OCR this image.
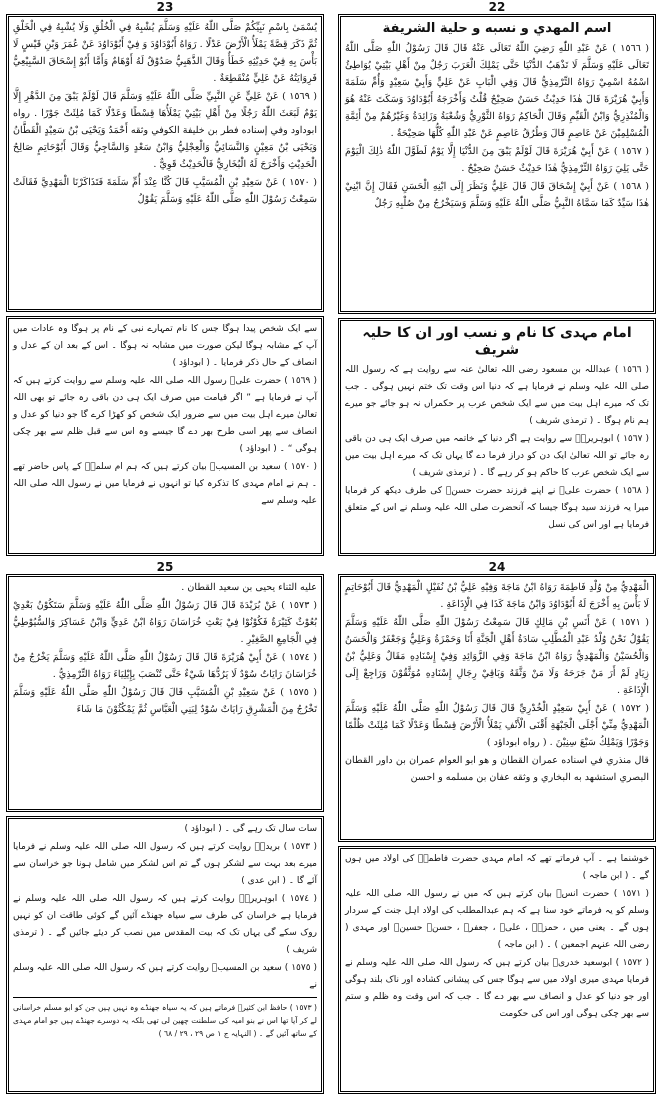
23

يُسْمَىٰ بِاسْمِ نَبِيِّكُمْ صَلَّى اللّٰهُ عَلَيْهِ وَسَلَّمَ يُشْبِهُ فِي الْخُلُقِ وَلَا يُشْبِهُ فِي الْخَلْقِ ثُمَّ ذَكَرَ قِصَّةً يَمْلَأُ الْأَرْضَ عَدْلًا . رَوَاهُ أَبُوْدَاوُدَ وَ فِيْ أَبُوْدَاوُدَ عَنْ عُمَرَ وَبْنِ قَيْسٍ لَا بَأْسَ بِهِ فِيْ حَدِيْثِهِ خَطَأٌ وَقَالَ الذَّهَبِيُّ صَدُوْقٌ لَهُ أَوْهَامٌ وَأَمَّا أَبُوْ إِسْحَاقَ السَّبِيْعِيُّ فَرِوَايَتُهُ عَنْ عَلِيٍّ مُنْقَطِعَةٌ .

( ١٥٦٩ ) عَنْ عَلِيٍّ عَنِ النَّبِيِّ صَلَّى اللّٰهُ عَلَيْهِ وَسَلَّمَ قَالَ لَوْلَمْ يَبْقَ مِنَ الدَّهْرِ إِلَّا يَوْمٌ لَبَعَثَ اللّٰهُ رَجُلًا مِنْ أَهْلِ بَيْتِيْ يَمْلَأُهَا قِسْطًا وَعَدْلًا كَمَا مُلِئَتْ جَوْرًا . رواه ابوداود وفي إسناده فطر بن خليفة الكوفي وثقه أَحْمَدُ وَيَحْيَى بْنُ سَعِيْدٍ الْقَطَّانُ وَيَحْيَى بْنُ مَعِيْنٍ وَالنَّسَائِيُّ وَالْعِجْلِيُّ وَابْنُ سَعْدٍ وَالسَّاجِيُّ وَقَالَ أَبُوْحَاتِمٍ صَالِحُ الْحَدِيْثِ وَأَخْرَجَ لَهُ الْبُخَارِيُّ فَالْحَدِيْثُ قَوِيٌّ .

( ١٥٧٠ ) عَنْ سَعِيْدِ بْنِ الْمُسَيَّبِ قَالَ كُنَّا عِنْدَ أُمِّ سَلَمَةَ فَتَذَاكَرْنَا الْمَهْدِيَّ فَقَالَتْ سَمِعْتُ رَسُوْلَ اللّٰهِ صَلَّى اللّٰهُ عَلَيْهِ وَسَلَّمَ يَقُوْلُ

سے ایک شخص پیدا ہوگا جس کا نام تمہارے نبی کے نام پر ہوگا وہ عادات میں آپ کے مشابہ ہوگا لیکن صورت میں مشابہ نہ ہوگا ۔ اس کے بعد ان کے عدل و انصاف کے حال ذکر فرمایا ۔ ( ابوداؤد )

( ١٥٦٩ ) حضرت علیؓ رسول اللہ صلی اللہ علیہ وسلم سے روایت کرتے ہیں کہ آپ نے فرمایا ہے ” اگر قیامت میں صرف ایک ہی دن باقی رہ جائے تو بھی اللہ تعالیٰ میرے اہل بیت میں سے ضرور ایک شخص کو کھڑا کرے گا جو دنیا کو عدل و انصاف سے پھر اسی طرح بھر دے گا جیسے وہ اس سے قبل ظلم سے بھر چکی ہوگی “ ۔ ( ابوداؤد )

( ١٥٧٠ ) سعید بن المسیبؒ بیان کرتے ہیں کہ ہم ام سلمہؓ کے پاس حاضر تھے ۔ ہم نے امام مہدی کا تذکرہ کیا تو انہوں نے فرمایا میں نے رسول اللہ صلی اللہ علیہ وسلم سے

22
اسم المهدي و نسبه و حلية الشريفة

( ١٥٦٦ ) عَنْ عَبْدِ اللّٰهِ رَضِيَ اللّٰهُ تَعَالَى عَنْهُ قَالَ قَالَ رَسُوْلُ اللّٰهِ صَلَّى اللّٰهُ تَعَالَى عَلَيْهِ وَسَلَّمَ لَا تَذْهَبُ الدُّنْيَا حَتَّى يَمْلِكَ الْعَرَبَ رَجُلٌ مِنْ أَهْلِ بَيْتِيْ يُوَاطِئُ اسْمُهُ اسْمِيْ رَوَاهُ التِّرْمِذِيُّ قَالَ وَفِي الْبَابِ عَنْ عَلِيٍّ وَأَبِيْ سَعِيْدٍ وَأُمِّ سَلَمَةَ وَأَبِيْ هُرَيْرَةَ قَالَ هٰذَا حَدِيْثٌ حَسَنٌ صَحِيْحٌ قُلْتُ وَأَخْرَجَهُ أَبُوْدَاوُدَ وَسَكَتَ عَنْهُ هُوَ وَالْمُنْذِرِيُّ وَابْنُ الْقَيِّمِ وَقَالَ الْحَاكِمُ رَوَاهُ الثَّوْرِيُّ وَشُعْبَةُ وَزَائِدَةُ وَغَيْرُهُمْ مِنْ أَئِمَّةِ الْمُسْلِمِيْنَ عَنْ عَاصِمٍ قَالَ وَطُرُقُ عَاصِمٍ عَنْ عَبْدِ اللّٰهِ كُلُّهَا صَحِيْحَةٌ .

( ١٥٦٧ ) عَنْ أَبِيْ هُرَيْرَةَ قَالَ لَوْلَمْ يَبْقَ مِنَ الدُّنْيَا إِلَّا يَوْمٌ لَطَوَّلَ اللّٰهُ ذٰلِكَ الْيَوْمَ حَتَّى يَلِيَ رَوَاهُ التِّرْمِذِيُّ هٰذَا حَدِيْثٌ حَسَنٌ صَحِيْحٌ .

( ١٥٦٨ ) عَنْ أَبِيْ إِسْحَاقَ قَالَ قَالَ عَلِيٌّ وَنَظَرَ إِلَى ابْنِهِ الْحَسَنِ فَقَالَ إِنَّ ابْنِيْ هٰذَا سَيِّدٌ كَمَا سَمَّاهُ النَّبِيُّ صَلَّى اللّٰهُ عَلَيْهِ وَسَلَّمَ وَسَيَخْرُجُ مِنْ صُلْبِهِ رَجُلٌ

امام مہدی کا نام و نسب اور ان کا حلیہ شریف

( ١٥٦٦ ) عبداللہ بن مسعود رضی اللہ تعالیٰ عنہ سے روایت ہے کہ رسول اللہ صلی اللہ علیہ وسلم نے فرمایا ہے کہ دنیا اس وقت تک ختم نہیں ہوگی ۔ جب تک کہ میرے اہل بیت میں سے ایک شخص عرب پر حکمراں نہ ہو جائے جو میرے ہم نام ہوگا ۔ ( ترمذی شریف )

( ١٥٦٧ ) ابوہریرہؓ سے روایت ہے اگر دنیا کے خاتمہ میں صرف ایک ہی دن باقی رہ جائے تو اللہ تعالیٰ ایک دن کو دراز فرما دے گا یہاں تک کہ میرے اہل بیت میں سے ایک شخص عرب کا حاکم ہو کر رہے گا ۔ ( ترمذی شریف )

( ١٥٦٨ ) حضرت علیؓ نے اپنے فرزند حضرت حسنؓ کی طرف دیکھ کر فرمایا میرا یہ فرزند سید ہوگا جیسا کہ آنحضرت صلی اللہ علیہ وسلم نے اس کے متعلق فرمایا ہے اور اس کی نسل

25

عليه الثناء يحيى بن سعيد القطان .

( ١٥٧٣ ) عَنْ بُرَيْدَةَ قَالَ قَالَ رَسُوْلُ اللّٰهِ صَلَّى اللّٰهُ عَلَيْهِ وَسَلَّمَ سَتَكُوْنُ بَعْدِيْ بُعُوْثٌ كَثِيْرَةٌ فَكُوْنُوْا فِيْ بَعْثِ خُرَاسَانَ رَوَاهُ ابْنُ عَدِيٍّ وَابْنُ عَسَاكِرَ وَالسُّيُوْطِيُّ فِي الْجَامِعِ الصَّغِيْرِ .

( ١٥٧٤ ) عَنْ أَبِيْ هُرَيْرَةَ قَالَ قَالَ رَسُوْلُ اللّٰهِ صَلَّى اللّٰهُ عَلَيْهِ وَسَلَّمَ يَخْرُجُ مِنْ خُرَاسَانَ رَايَاتٌ سُوْدٌ لَا يَرُدُّهَا شَيْءٌ حَتَّى تُنْصَبَ بِإِيْلِيَاءَ رَوَاهُ التِّرْمِذِيُّ .

( ١٥٧٥ ) عَنْ سَعِيْدِ بْنِ الْمُسَيَّبِ قَالَ قَالَ رَسُوْلُ اللّٰهِ صَلَّى اللّٰهُ عَلَيْهِ وَسَلَّمَ تَخْرُجُ مِنَ الْمَشْرِقِ رَايَاتٌ سُوْدٌ لِبَنِي الْعَبَّاسِ ثُمَّ يَمْكُثُوْنَ مَا شَاءَ

سات سال تک رہے گی ۔ ( ابوداؤد )

( ١٥٧٣ ) بریدہؓ روایت کرتے ہیں کہ رسول اللہ صلی اللہ علیہ وسلم نے فرمایا میرے بعد بہت سے لشکر ہوں گے تم اس لشکر میں شامل ہونا جو خراسان سے آئے گا ۔ ( ابن عدی )

( ١٥٧٤ ) ابوہریرہؓ روایت کرتے ہیں کہ رسول اللہ صلی اللہ علیہ وسلم نے فرمایا ہے خراسان کی طرف سے سیاہ جھنڈے آئیں گے کوئی طاقت ان کو نہیں روک سکے گی یہاں تک کہ بیت المقدس میں نصب کر دیئے جائیں گے ۔ ( ترمذی شریف )

( ١٥٧٥ ) سعید بن المسیبؓ روایت کرتے ہیں کہ رسول اللہ صلی اللہ علیہ وسلم نے

( ١٥٧٣ ) حافظ ابن کثیرؒ فرماتے ہیں کہ یہ سیاہ جھنڈے وہ نہیں ہیں جن کو ابو مسلم خراسانی لے کر آیا تھا اس نے بنو امیہ کی سلطنت چھین لی تھی بلکہ یہ دوسرے جھنڈے ہیں جو امام مہدی کے ساتھ آئیں گے ۔ ( النہایہ ج ١ ص ٢٩ ، ٢٩ / ٦٨ )

24

الْمَهْدِيُّ مِنْ وُلْدِ فَاطِمَةَ رَوَاهُ ابْنُ مَاجَةَ وَفِيْهِ عَلِيُّ بْنُ نُفَيْلٍ الْمَهْدِيُّ قَالَ أَبُوْحَاتِمٍ لَا بَأْسَ بِهِ أَخْرَجَ لَهُ أَبُوْدَاوُدَ وَابْنُ مَاجَةَ كَذَا فِي الْإِذَاعَةِ .

( ١٥٧١ ) عَنْ أَنَسِ بْنِ مَالِكٍ قَالَ سَمِعْتُ رَسُوْلَ اللّٰهِ صَلَّى اللّٰهُ عَلَيْهِ وَسَلَّمَ يَقُوْلُ نَحْنُ وُلْدُ عَبْدِ الْمُطَّلِبِ سَادَةُ أَهْلِ الْجَنَّةِ أَنَا وَحَمْزَةُ وَعَلِيٌّ وَجَعْفَرٌ وَالْحَسَنُ وَالْحُسَيْنُ وَالْمَهْدِيُّ رَوَاهُ ابْنُ مَاجَةَ وَفِي الزَّوَائِدِ وَفِيْ إِسْنَادِهِ مَقَالٌ وَعَلِيُّ بْنُ زِيَادٍ لَمْ أَرَ مَنْ جَرَحَهُ وَلَا مَنْ وَثَّقَهُ وَبَاقِيْ رِجَالِ إِسْنَادِهِ مُوَثَّقُوْنَ وَرَاجِعْ إِلَى الْإِذَاعَةِ .

( ١٥٧٢ ) عَنْ أَبِيْ سَعِيْدٍ الْخُدْرِيِّ قَالَ قَالَ رَسُوْلُ اللّٰهِ صَلَّى اللّٰهُ عَلَيْهِ وَسَلَّمَ الْمَهْدِيُّ مِنِّيْ أَجْلَى الْجَبْهَةِ أَقْنَى الْأَنْفِ يَمْلَأُ الْأَرْضَ قِسْطًا وَعَدْلًا كَمَا مُلِئَتْ ظُلْمًا وَجَوْرًا وَيَمْلِكُ سَبْعَ سِنِيْنَ . ( رواه ابوداؤد )

قال منذري في اسناده عمران القطان و هو ابو العوام عمران بن داور القطان البصري استشهد به البخاري و وثقه عفان بن مسلمه و احسن

خوشنما ہے ۔ آپ فرماتے تھے کہ امام مہدی حضرت فاطمہؓ کی اولاد میں ہوں گے ۔ ( ابن ماجہ )

( ١٥٧١ ) حضرت انسؓ بیان کرتے ہیں کہ میں نے رسول اللہ صلی اللہ علیہ وسلم کو یہ فرماتے خود سنا ہے کہ ہم عبدالمطلب کی اولاد اہل جنت کے سردار ہوں گے ۔ یعنی میں ، حمزہؓ ، علیؓ ، جعفرؓ ، حسنؓ حسینؓ اور مہدی ( رضی اللہ عنہم اجمعین ) ۔ ( ابن ماجہ )

( ١٥٧٢ ) ابوسعید خدریؓ بیان کرتے ہیں کہ رسول اللہ صلی اللہ علیہ وسلم نے فرمایا مہدی میری اولاد میں سے ہوگا جس کی پیشانی کشادہ اور ناک بلند ہوگی اور جو دنیا کو عدل و انصاف سے بھر دے گا ۔ جب کہ اس وقت وہ ظلم و ستم سے بھر چکی ہوگی اور اس کی حکومت
